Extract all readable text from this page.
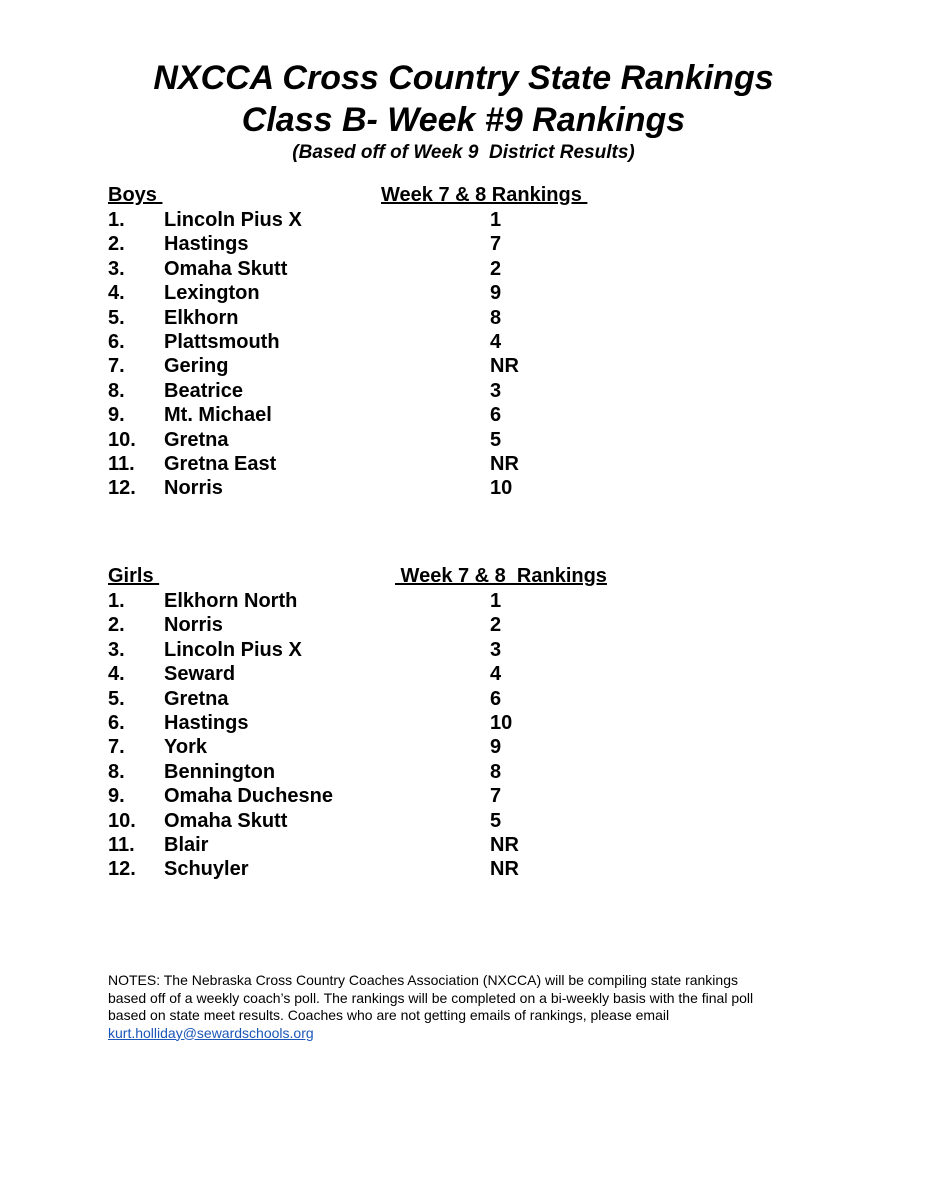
NXCCA Cross Country State Rankings
Class B- Week #9 Rankings
(Based off of Week 9  District Results)
Boys	Week 7 & 8 Rankings
1. Lincoln Pius X	1
2. Hastings	7
3. Omaha Skutt	2
4. Lexington	9
5. Elkhorn	8
6. Plattsmouth	4
7. Gering	NR
8. Beatrice	3
9. Mt. Michael	6
10. Gretna	5
11. Gretna East	NR
12. Norris	10
Girls	Week 7 & 8  Rankings
1. Elkhorn North	1
2. Norris	2
3. Lincoln Pius X	3
4. Seward	4
5. Gretna	6
6. Hastings	10
7. York	9
8. Bennington	8
9. Omaha Duchesne	7
10. Omaha Skutt	5
11. Blair	NR
12. Schuyler	NR
NOTES: The Nebraska Cross Country Coaches Association (NXCCA) will be compiling state rankings
based off of a weekly coach’s poll. The rankings will be completed on a bi-weekly basis with the final poll
based on state meet results. Coaches who are not getting emails of rankings, please email
kurt.holliday@sewardschools.org
